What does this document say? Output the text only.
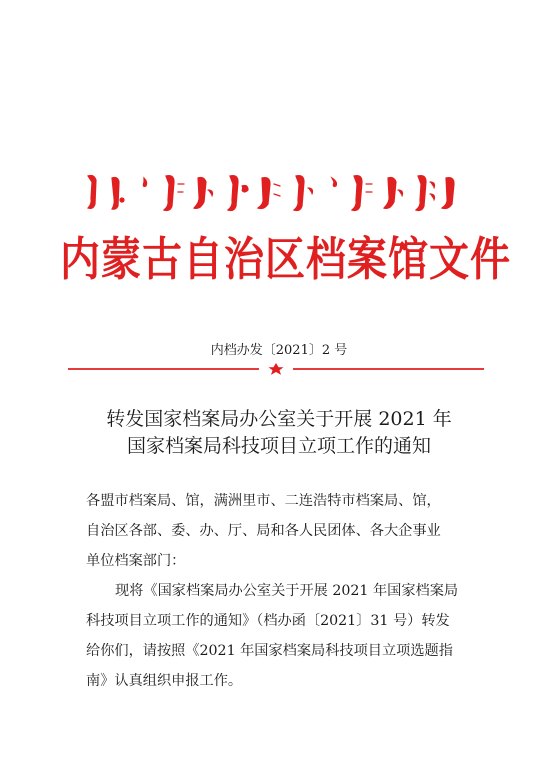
内蒙古自治区档案馆文件
内档办发〔2021〕2 号
转发国家档案局办公室关于开展 2021 年
国家档案局科技项目立项工作的通知

各盟市档案局、馆，满洲里市、二连浩特市档案局、馆，
自治区各部、委、办、厅、局和各人民团体、各大企事业
单位档案部门：

现将《国家档案局办公室关于开展 2021 年国家档案局
科技项目立项工作的通知》（档办函〔2021〕31 号）转发
给你们，请按照《2021 年国家档案局科技项目立项选题指
南》认真组织申报工作。
